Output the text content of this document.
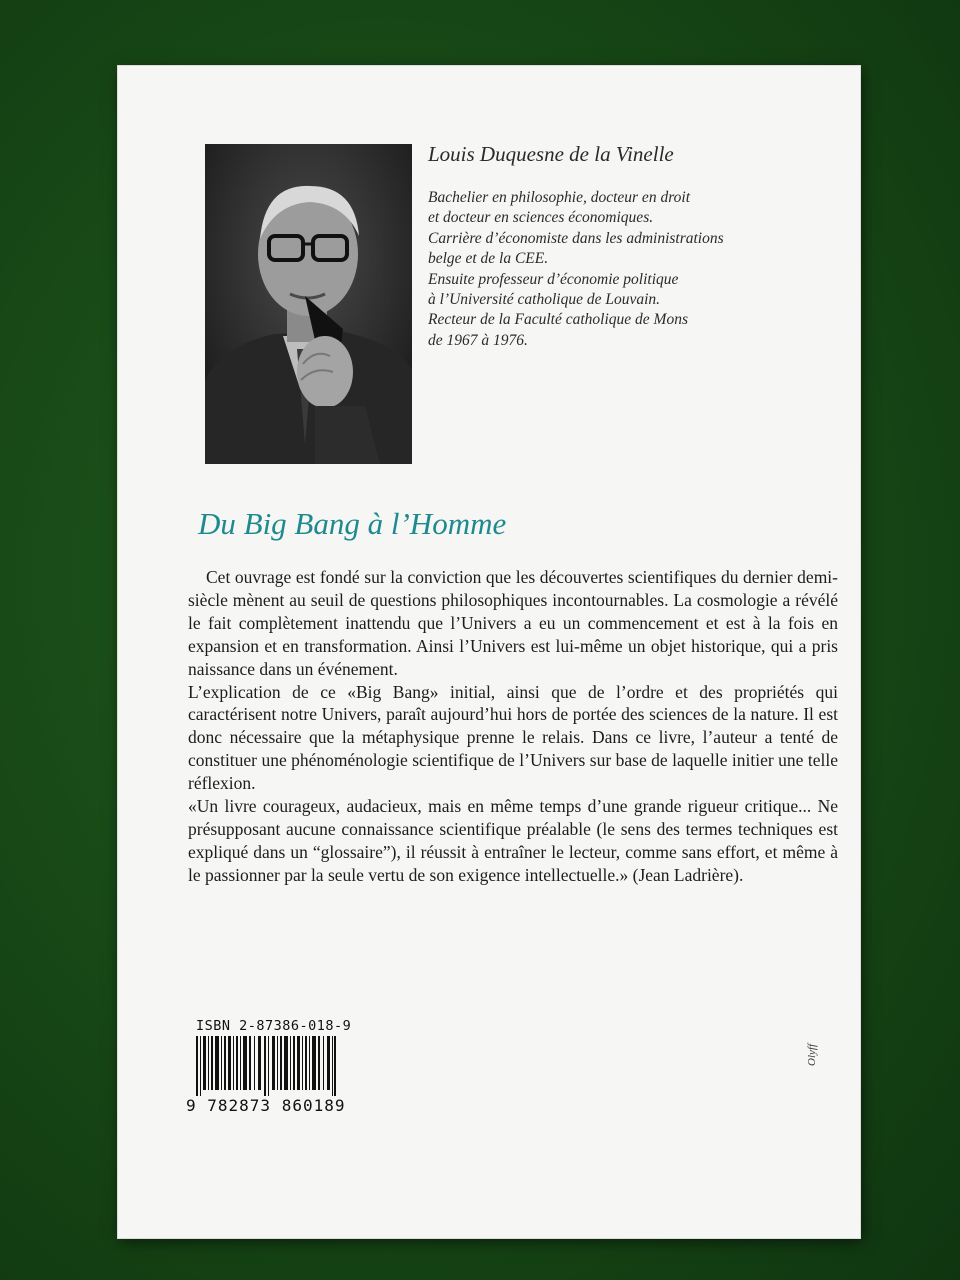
Louis Duquesne de la Vinelle
Bachelier en philosophie, docteur en droit
et docteur en sciences économiques.
Carrière d’économiste dans les administrations
belge et de la CEE.
Ensuite professeur d’économie politique
à l’Université catholique de Louvain.
Recteur de la Faculté catholique de Mons
de 1967 à 1976.
Du Big Bang à l’Homme

Cet ouvrage est fondé sur la conviction que les découvertes scientifiques du dernier demi-siècle mènent au seuil de questions philosophiques incontournables. La cosmologie a révélé le fait complètement inattendu que l’Univers a eu un commencement et est à la fois en expansion et en transformation. Ainsi l’Univers est lui-même un objet historique, qui a pris naissance dans un événement.

L’explication de ce «Big Bang» initial, ainsi que de l’ordre et des propriétés qui caractérisent notre Univers, paraît aujourd’hui hors de portée des sciences de la nature. Il est donc nécessaire que la métaphysique prenne le relais. Dans ce livre, l’auteur a tenté de constituer une phénoménologie scientifique de l’Univers sur base de laquelle initier une telle réflexion.

«Un livre courageux, audacieux, mais en même temps d’une grande rigueur critique... Ne présupposant aucune connaissance scientifique préalable (le sens des termes techniques est expliqué dans un “glossaire”), il réussit à entraîner le lecteur, comme sans effort, et même à le passionner par la seule vertu de son exigence intellectuelle.» (Jean Ladrière).

ISBN 2-87386-018-9
9 782873 860189
Olyff
